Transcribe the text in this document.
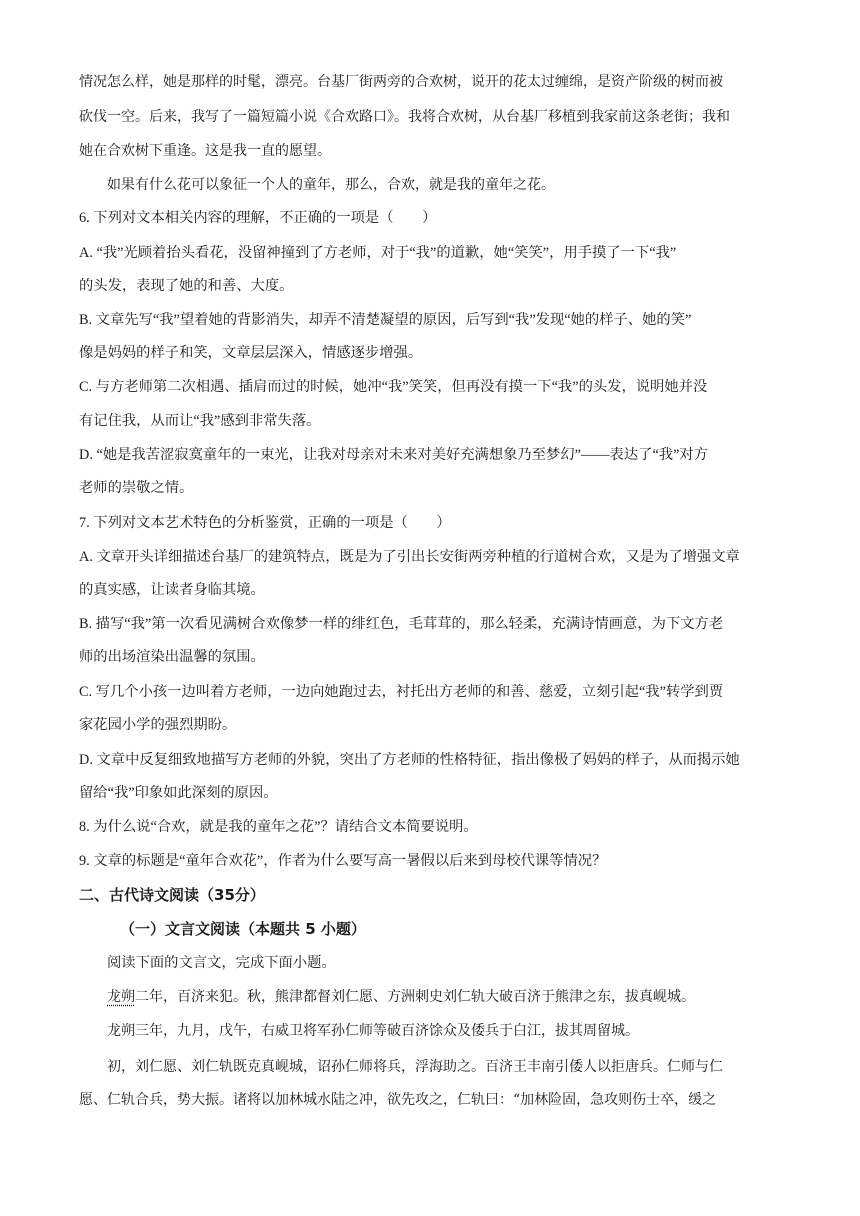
情况怎么样，她是那样的时髦，漂亮。台基厂街两旁的合欢树，说开的花太过缠绵，是资产阶级的树而被
砍伐一空。后来，我写了一篇短篇小说《合欢路口》。我将合欢树，从台基厂移植到我家前这条老街；我和
她在合欢树下重逢。这是我一直的愿望。
如果有什么花可以象征一个人的童年，那么，合欢，就是我的童年之花。
6. 下列对文本相关内容的理解，不正确的一项是（　　）
A. “我”光顾着抬头看花，没留神撞到了方老师，对于“我”的道歉，她“笑笑”，用手摸了一下“我”
的头发，表现了她的和善、大度。
B. 文章先写“我”望着她的背影消失，却弄不清楚凝望的原因，后写到“我”发现“她的样子、她的笑”
像是妈妈的样子和笑，文章层层深入，情感逐步增强。
C. 与方老师第二次相遇、插肩而过的时候，她冲“我”笑笑，但再没有摸一下“我”的头发，说明她并没
有记住我，从而让“我”感到非常失落。
D. “她是我苦涩寂寞童年的一束光，让我对母亲对未来对美好充满想象乃至梦幻”——表达了“我”对方
老师的崇敬之情。
7. 下列对文本艺术特色的分析鉴赏，正确的一项是（　　）
A. 文章开头详细描述台基厂的建筑特点，既是为了引出长安街两旁种植的行道树合欢，又是为了增强文章
的真实感，让读者身临其境。
B. 描写“我”第一次看见满树合欢像梦一样的绯红色，毛茸茸的，那么轻柔，充满诗情画意，为下文方老
师的出场渲染出温馨的氛围。
C. 写几个小孩一边叫着方老师，一边向她跑过去，衬托出方老师的和善、慈爱，立刻引起“我”转学到贾
家花园小学的强烈期盼。
D. 文章中反复细致地描写方老师的外貌，突出了方老师的性格特征，指出像极了妈妈的样子，从而揭示她
留给“我”印象如此深刻的原因。
8. 为什么说“合欢，就是我的童年之花”？请结合文本简要说明。
9. 文章的标题是“童年合欢花”，作者为什么要写高一暑假以后来到母校代课等情况？
二、古代诗文阅读（35分）
（一）文言文阅读（本题共 5 小题）
阅读下面的文言文，完成下面小题。
龙朔二年，百济来犯。秋，熊津都督刘仁愿、方洲刺史刘仁轨大破百济于熊津之东，拔真岘城。
龙朔三年，九月，戊午，右威卫将军孙仁师等破百济馀众及倭兵于白江，拔其周留城。
初，刘仁愿、刘仁轨既克真岘城，诏孙仁师将兵，浮海助之。百济王丰南引倭人以拒唐兵。仁师与仁
愿、仁轨合兵，势大振。诸将以加林城水陆之冲，欲先攻之，仁轨曰：“加林险固，急攻则伤士卒，缓之
